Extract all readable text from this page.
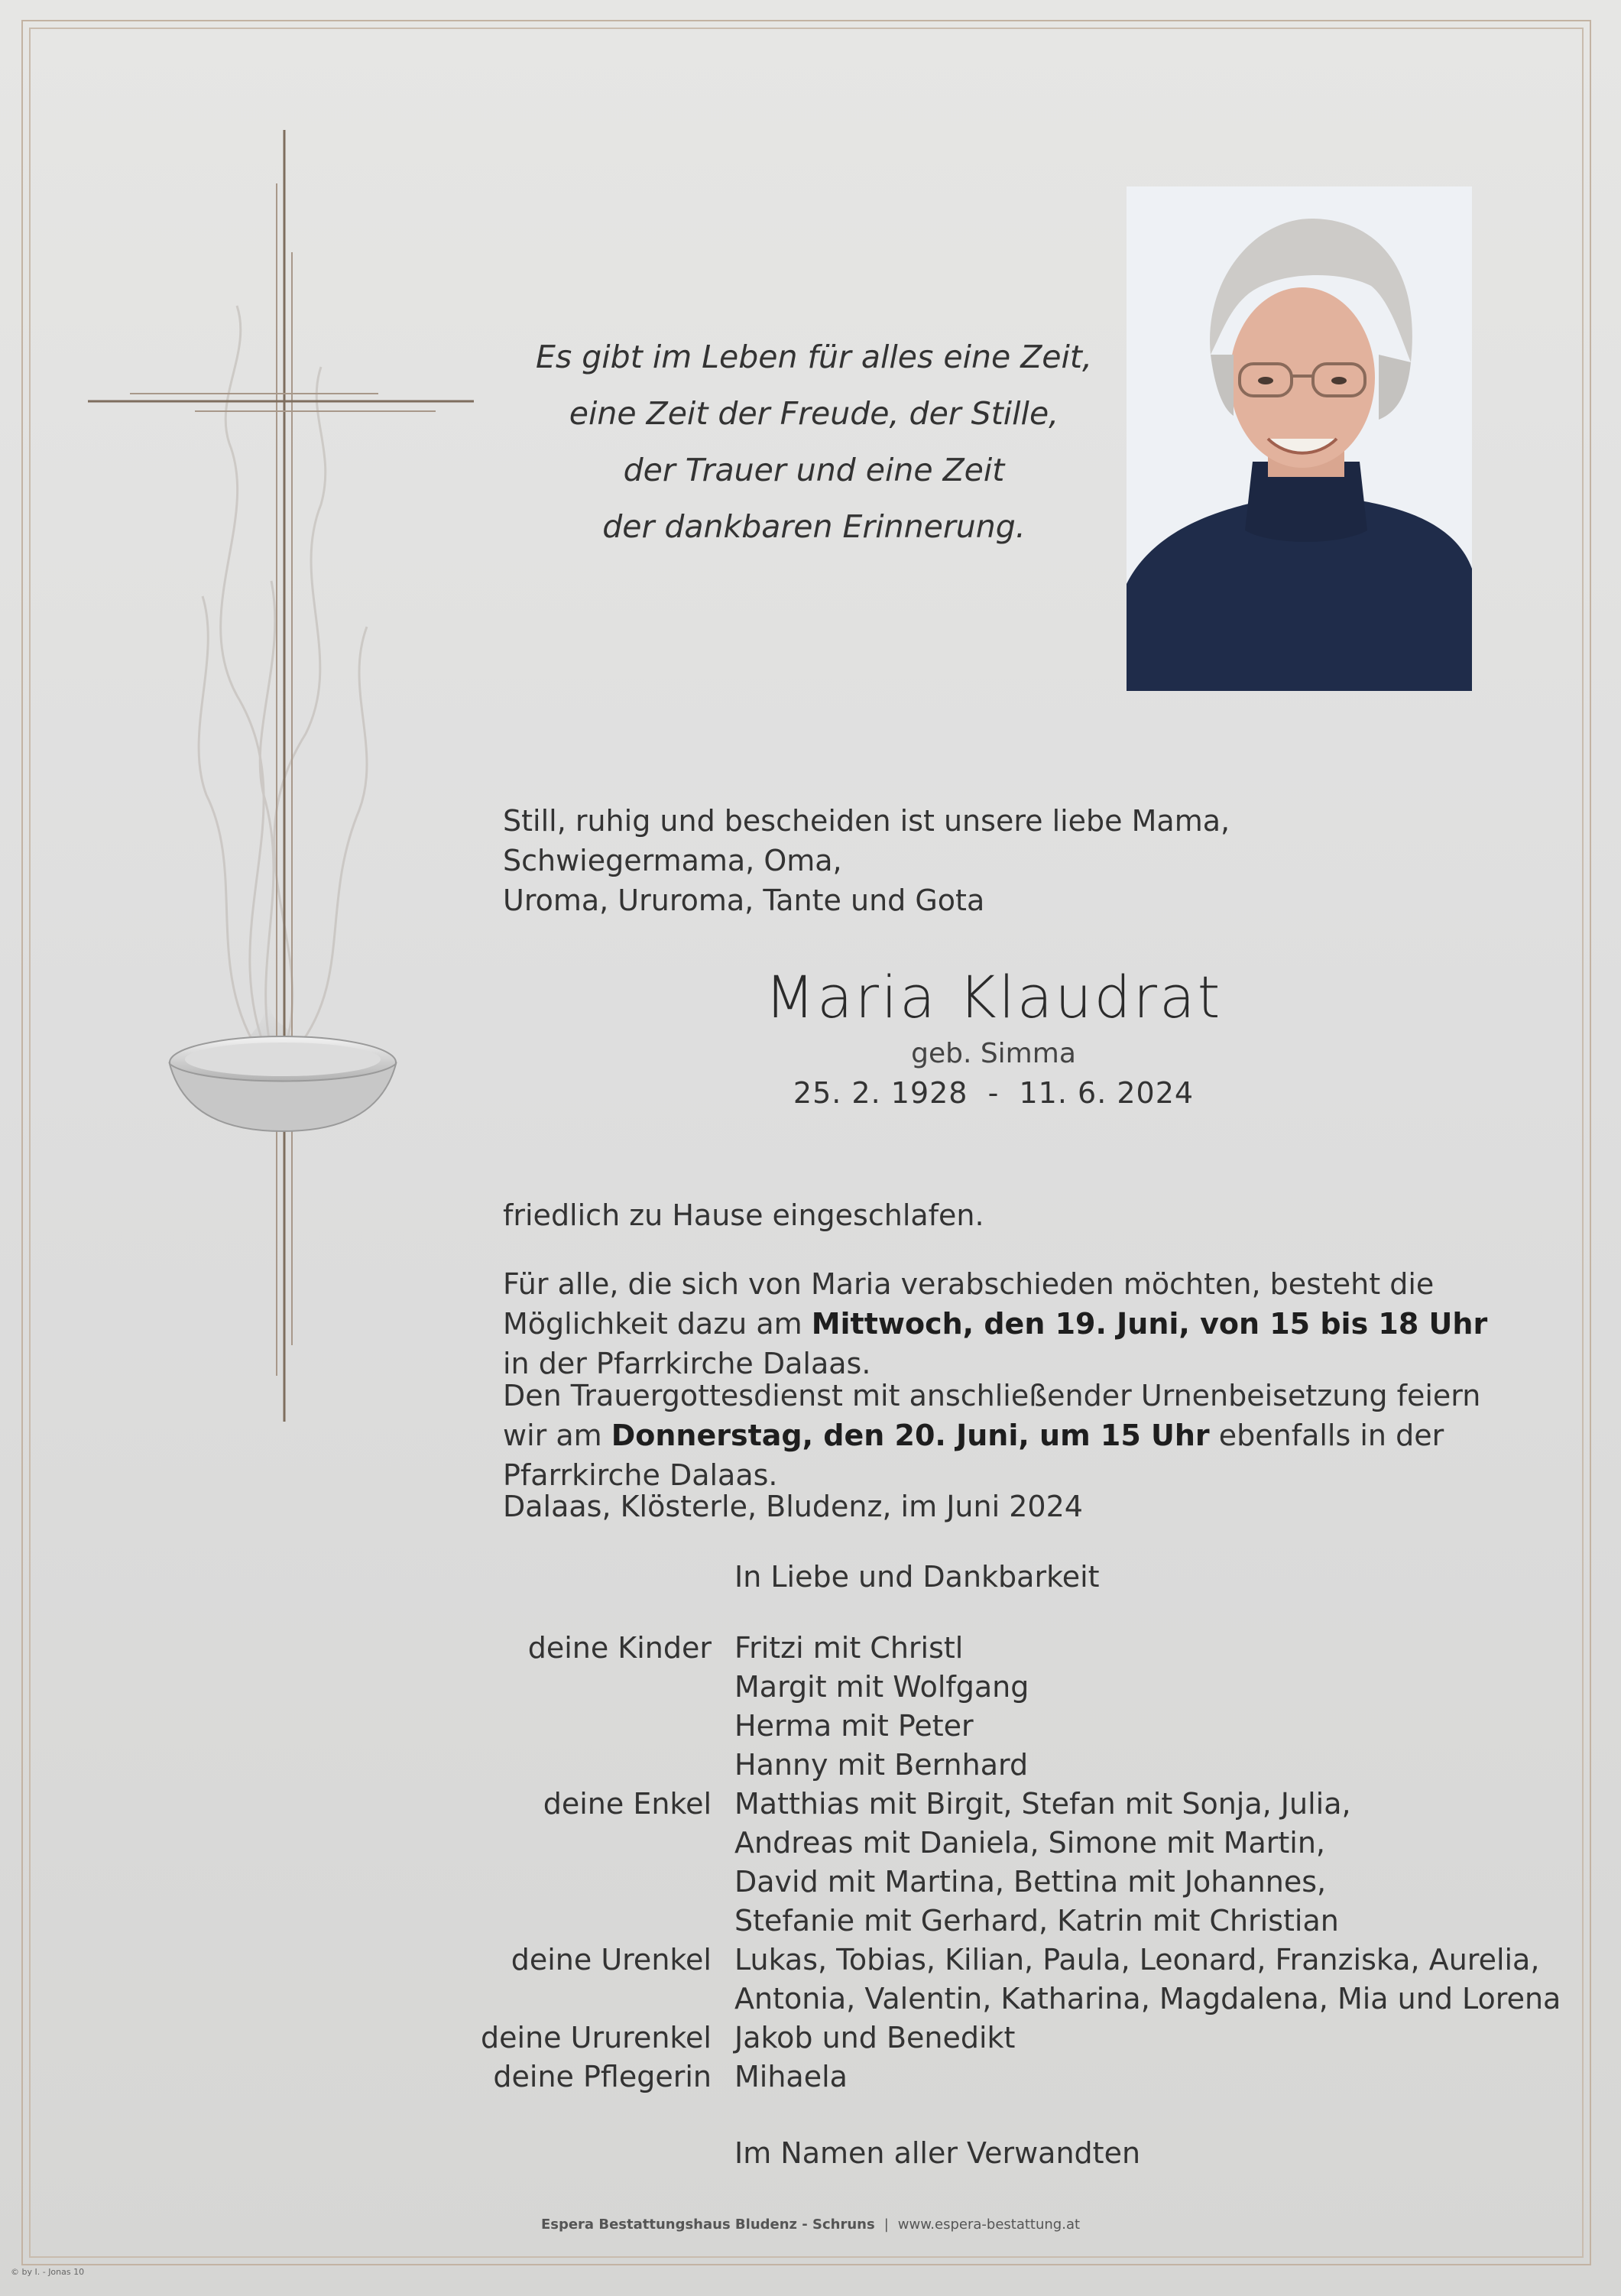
Es gibt im Leben für alles eine Zeit,
eine Zeit der Freude, der Stille,
der Trauer und eine Zeit
der dankbaren Erinnerung.
Still, ruhig und bescheiden ist unsere liebe Mama, Schwiegermama, Oma,
Uroma, Ururoma, Tante und Gota
Maria Klaudrat
geb. Simma
25. 2. 1928  -  11. 6. 2024
friedlich zu Hause eingeschlafen.
Für alle, die sich von Maria verabschieden möchten, besteht die Möglichkeit dazu am Mittwoch, den 19. Juni, von 15 bis 18 Uhr in der Pfarrkirche Dalaas.
Den Trauergottesdienst mit anschließender Urnenbeisetzung feiern wir am Donnerstag, den 20. Juni, um 15 Uhr ebenfalls in der Pfarrkirche Dalaas.
Dalaas, Klösterle, Bludenz, im Juni 2024
In Liebe und Dankbarkeit
deine Kinder Fritzi mit Christl
Margit mit Wolfgang
Herma mit Peter
Hanny mit Bernhard
deine Enkel Matthias mit Birgit, Stefan mit Sonja, Julia,
Andreas mit Daniela, Simone mit Martin,
David mit Martina, Bettina mit Johannes,
Stefanie mit Gerhard, Katrin mit Christian
deine Urenkel Lukas, Tobias, Kilian, Paula, Leonard, Franziska, Aurelia,
Antonia, Valentin, Katharina, Magdalena, Mia und Lorena
deine Ururenkel Jakob und Benedikt
deine Pflegerin Mihaela
Im Namen aller Verwandten
Espera Bestattungshaus Bludenz - Schruns | www.espera-bestattung.at
© by I. - Jonas 10
